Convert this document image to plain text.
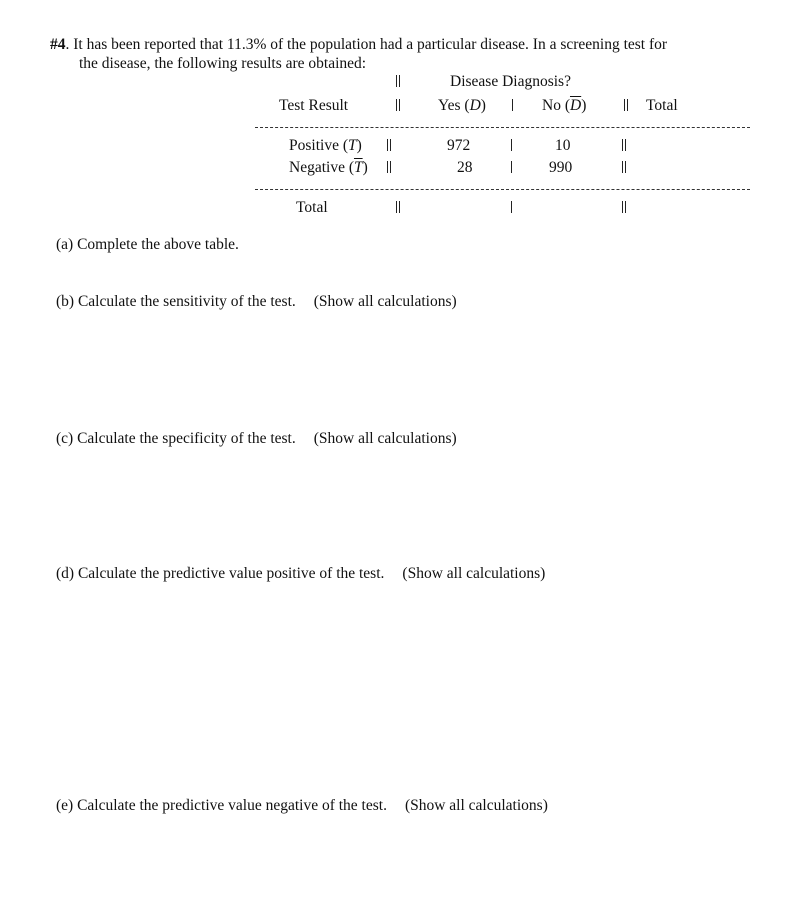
#4. It has been reported that 11.3% of the population had a particular disease. In a screening test for
the disease, the following results are obtained:
Disease Diagnosis?
Test Result	Yes (D)	No $(\overline{D})$	Total
Positive (T)	972	10
Negative $(\overline{T})$	28	990
Total
(a) Complete the above table.
(b) Calculate the sensitivity of the test. (Show all calculations)
(c) Calculate the specificity of the test. (Show all calculations)
(d) Calculate the predictive value positive of the test. (Show all calculations)
(e) Calculate the predictive value negative of the test. (Show all calculations)
